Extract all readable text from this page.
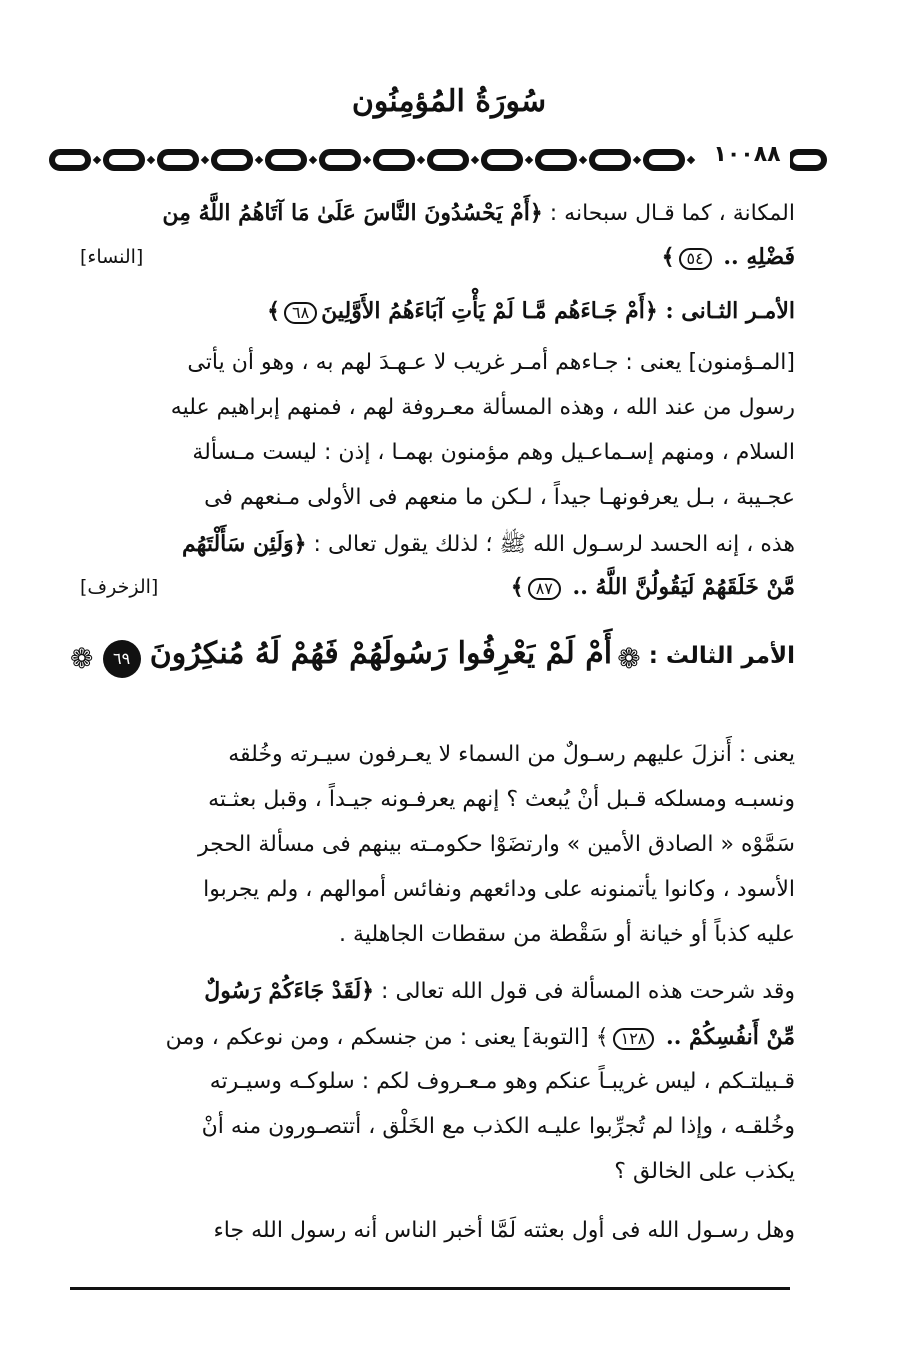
سُورَةُ المُؤمِنُون
١٠٠٨٨
المكانة ، كما قـال سبحانه : ﴿أَمْ يَحْسُدُونَ النَّاسَ عَلَىٰ مَا آتَاهُمُ اللَّهُ مِن
فَضْلِهِ .. ٥٤﴾
[النساء]
الأمـر الثـانى : ﴿أَمْ جَـاءَهُم مَّـا لَمْ يَأْتِ آبَاءَهُمُ الأَوَّلِينَ٦٨﴾
[المـؤمنون] يعنى : جـاءهم أمـر غريب لا عـهـدَ لهم به ، وهو أن يأتى
رسول من عند الله ، وهذه المسألة معـروفة لهم ، فمنهم إبراهيم عليه
السلام ، ومنهم إسـماعـيل وهم مؤمنون بهمـا ، إذن : ليست مـسألة
عجـيبة ، بـل يعرفونهـا جيداً ، لـكن ما منعهم فى الأولى مـنعهم فى
هذه ، إنه الحسد لرسـول الله ﷺ ؛ لذلك يقول تعالى : ﴿وَلَئِن سَأَلْتَهُم
مَّنْ خَلَقَهُمْ لَيَقُولُنَّ اللَّهُ .. ٨٧﴾
[الزخرف]
الأمر الثالث : ❁ أَمْ لَمْ يَعْرِفُوا رَسُولَهُمْ فَهُمْ لَهُ مُنكِرُونَ ٦٩ ❁
يعنى : أَنزلَ عليهم رسـولٌ من السماء لا يعـرفون سيـرته وخُلقه
ونسبـه ومسلكه قـبل أنْ يُبعث ؟ إنهم يعرفـونه جيـداً ، وقبل بعثـته
سَمَّوْه « الصادق الأمين » وارتضَوْا حكومـته بينهم فى مسألة الحجر
الأسود ، وكانوا يأتمنونه على ودائعهم ونفائس أموالهم ، ولم يجربوا
عليه كذباً أو خيانة أو سَقْطة من سقطات الجاهلية .
وقد شرحت هذه المسألة فى قول الله تعالى : ﴿لَقَدْ جَاءَكُمْ رَسُولٌ
مِّنْ أَنفُسِكُمْ .. ١٢٨﴾ [التوبة] يعنى : من جنسكم ، ومن نوعكم ، ومن
قـبيلتـكم ، ليس غريبـاً عنكم وهو مـعـروف لكم : سلوكـه وسيـرته
وخُلقـه ، وإذا لم تُجرِّبوا عليـه الكذب مع الخَلْق ، أتتصـورون منه أنْ
يكذب على الخالق ؟
وهل رسـول الله فى أول بعثته لَمَّا أخبر الناس أنه رسول الله جاء
